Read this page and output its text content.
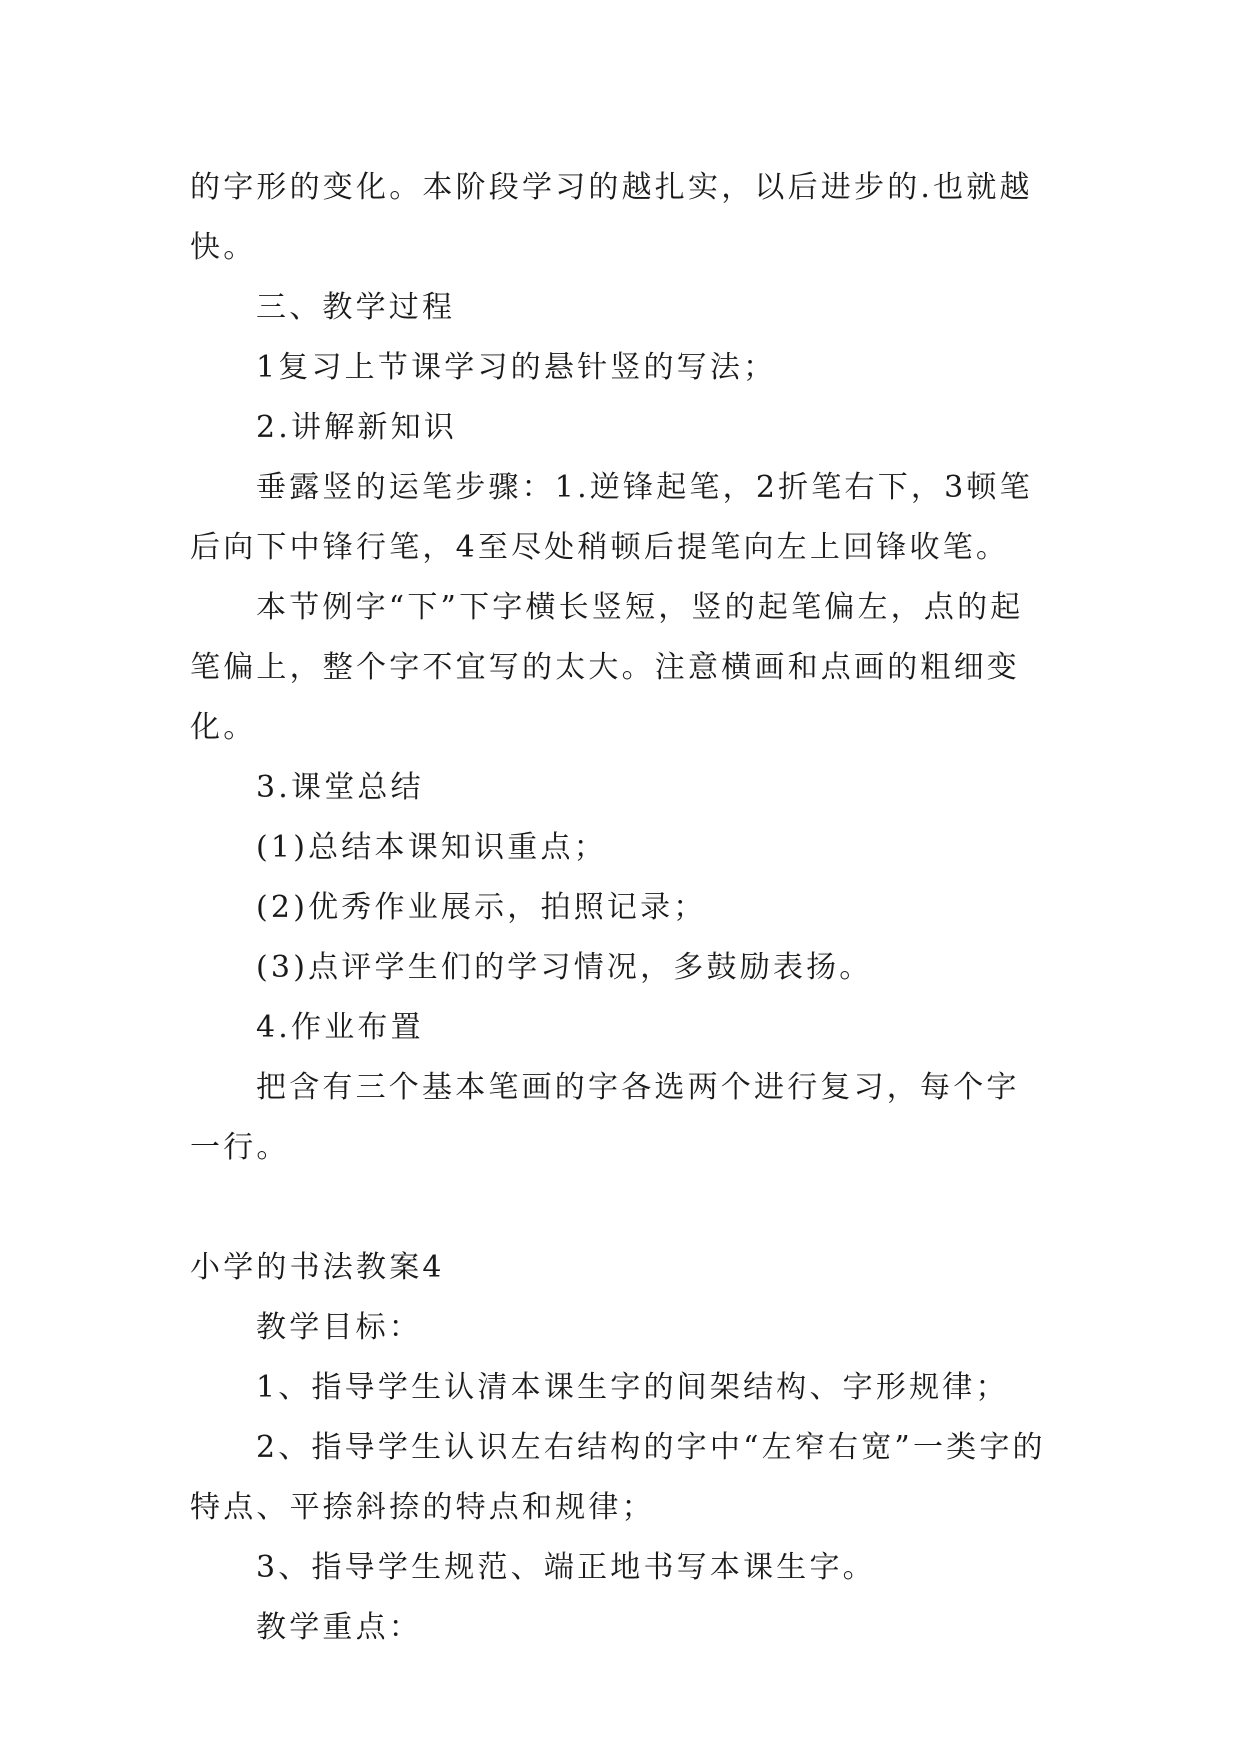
的字形的变化。本阶段学习的越扎实，以后进步的.也就越快。

三、教学过程

1复习上节课学习的悬针竖的写法；

2.讲解新知识

垂露竖的运笔步骤：1.逆锋起笔，2折笔右下，3顿笔后向下中锋行笔，4至尽处稍顿后提笔向左上回锋收笔。

本节例字“下”下字横长竖短，竖的起笔偏左，点的起笔偏上，整个字不宜写的太大。注意横画和点画的粗细变化。

3.课堂总结

(1)总结本课知识重点；

(2)优秀作业展示，拍照记录；

(3)点评学生们的学习情况，多鼓励表扬。

4.作业布置

把含有三个基本笔画的字各选两个进行复习，每个字一行。

小学的书法教案4

教学目标：

1、指导学生认清本课生字的间架结构、字形规律；

2、指导学生认识左右结构的字中“左窄右宽”一类字的特点、平捺斜捺的特点和规律；

3、指导学生规范、端正地书写本课生字。

教学重点：
